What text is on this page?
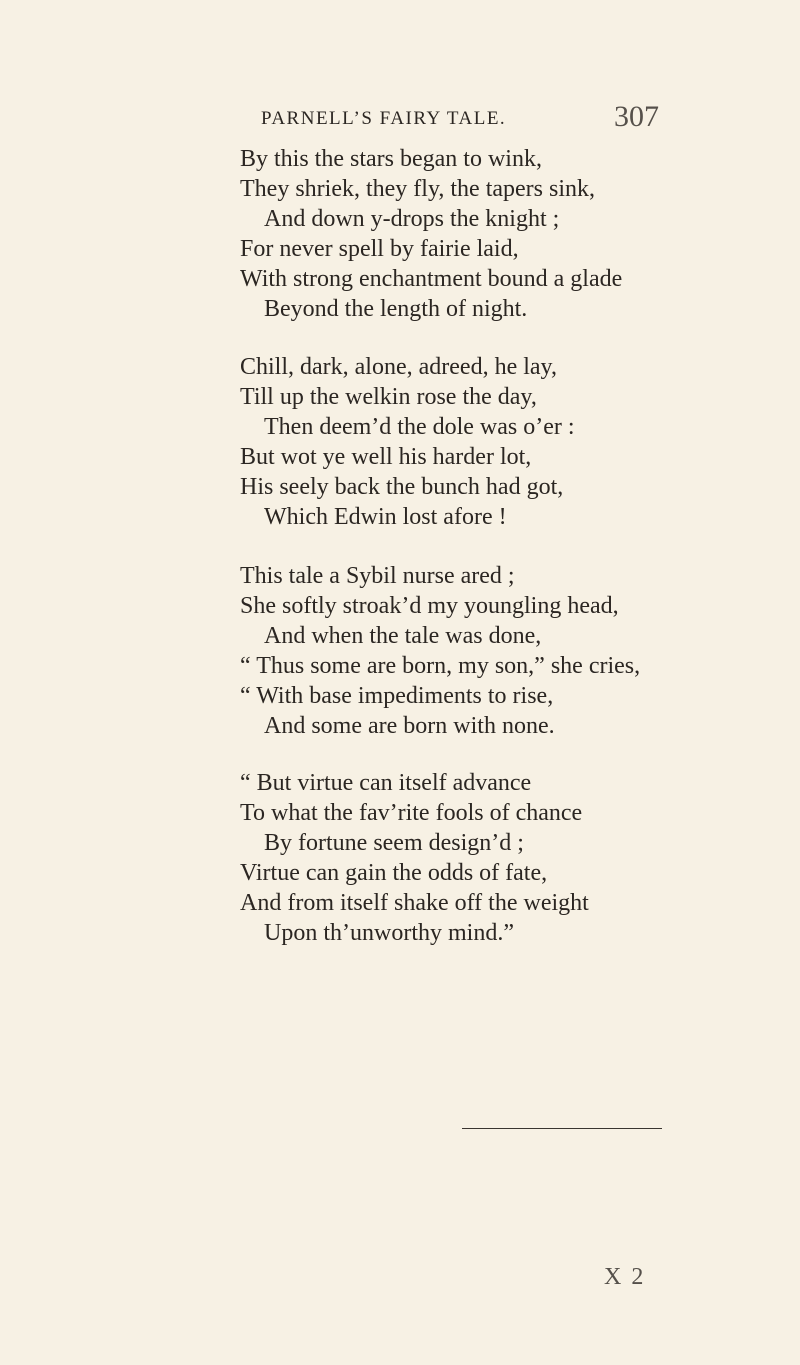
PARNELL’S FAIRY TALE.	307
By this the stars began to wink,
They shriek, they fly, the tapers sink,
And down y-drops the knight ;
For never spell by fairie laid,
With strong enchantment bound a glade
Beyond the length of night.
Chill, dark, alone, adreed, he lay,
Till up the welkin rose the day,
Then deem’d the dole was o’er :
But wot ye well his harder lot,
His seely back the bunch had got,
Which Edwin lost afore !
This tale a Sybil nurse ared ;
She softly stroak’d my youngling head,
And when the tale was done,
“ Thus some are born, my son,” she cries,
“ With base impediments to rise,
And some are born with none.
“ But virtue can itself advance
To what the fav’rite fools of chance
By fortune seem design’d ;
Virtue can gain the odds of fate,
And from itself shake off the weight
Upon th’unworthy mind.”
X 2
